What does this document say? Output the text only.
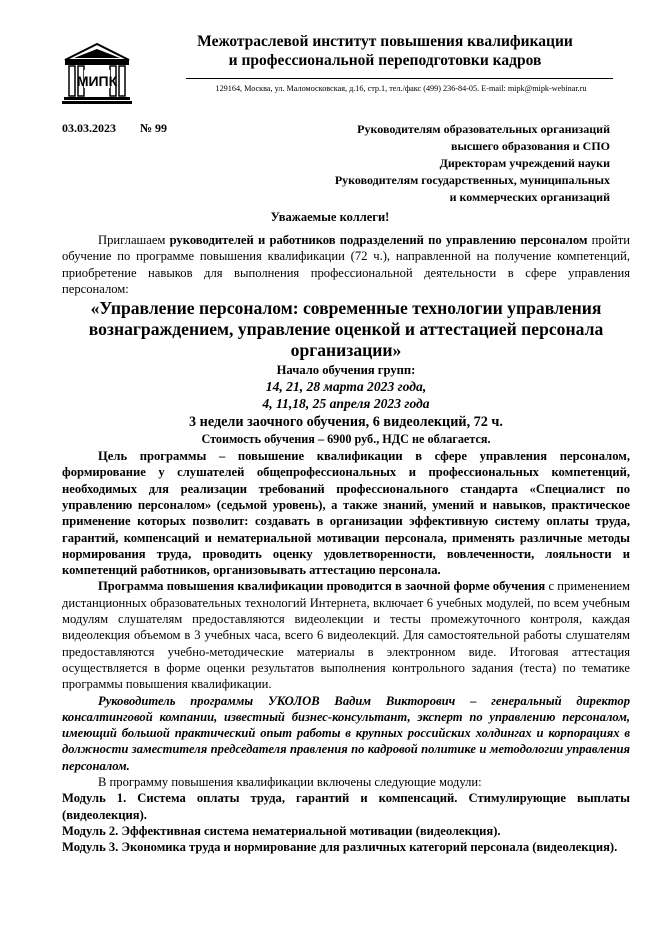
МИПК
Межотраслевой институт повышения квалификации
и профессиональной переподготовки кадров
129164, Москва, ул. Маломосковская, д.16, стр.1, тел./факс (499) 236-84-05. E-mail: mipk@mipk-webinar.ru
03.03.2023 № 99	Руководителям образовательных организаций
высшего образования и СПО
Директорам учреждений науки
Руководителям государственных, муниципальных
и коммерческих организаций
Уважаемые коллеги!

Приглашаем руководителей и работников подразделений по управлению персоналом пройти обучение по программе повышения квалификации (72 ч.), направленной на получение компетенций, приобретение навыков для выполнения профессиональной деятельности в сфере управления персоналом:

«Управление персоналом: современные технологии управления вознаграждением, управление оценкой и аттестацией персонала организации»
Начало обучения групп:
14, 21, 28 марта 2023 года,
4, 11,18, 25 апреля 2023 года
3 недели заочного обучения, 6 видеолекций, 72 ч.
Стоимость обучения – 6900 руб., НДС не облагается.

Цель программы – повышение квалификации в сфере управления персоналом, формирование у слушателей общепрофессиональных и профессиональных компетенций, необходимых для реализации требований профессионального стандарта «Специалист по управлению персоналом» (седьмой уровень), а также знаний, умений и навыков, практическое применение которых позволит: создавать в организации эффективную систему оплаты труда, гарантий, компенсаций и нематериальной мотивации персонала, применять различные методы нормирования труда, проводить оценку удовлетворенности, вовлеченности, лояльности и компетенций работников, организовывать аттестацию персонала.

Программа повышения квалификации проводится в заочной форме обучения с применением дистанционных образовательных технологий Интернета, включает 6 учебных модулей, по всем учебным модулям слушателям предоставляются видеолекции и тесты промежуточного контроля, каждая видеолекция объемом в 3 учебных часа, всего 6 видеолекций. Для самостоятельной работы слушателям предоставляются учебно-методические материалы в электронном виде. Итоговая аттестация осуществляется в форме оценки результатов выполнения контрольного задания (теста) по тематике программы повышения квалификации.

Руководитель программы УКОЛОВ Вадим Викторович – генеральный директор консалтинговой компании, известный бизнес-консультант, эксперт по управлению персоналом, имеющий большой практический опыт работы в крупных российских холдингах и корпорациях в должности заместителя председателя правления по кадровой политике и методологии управления персоналом.

В программу повышения квалификации включены следующие модули:

Модуль 1. Система оплаты труда, гарантий и компенсаций. Стимулирующие выплаты (видеолекция).

Модуль 2. Эффективная система нематериальной мотивации (видеолекция).

Модуль 3. Экономика труда и нормирование для различных категорий персонала (видеолекция).
